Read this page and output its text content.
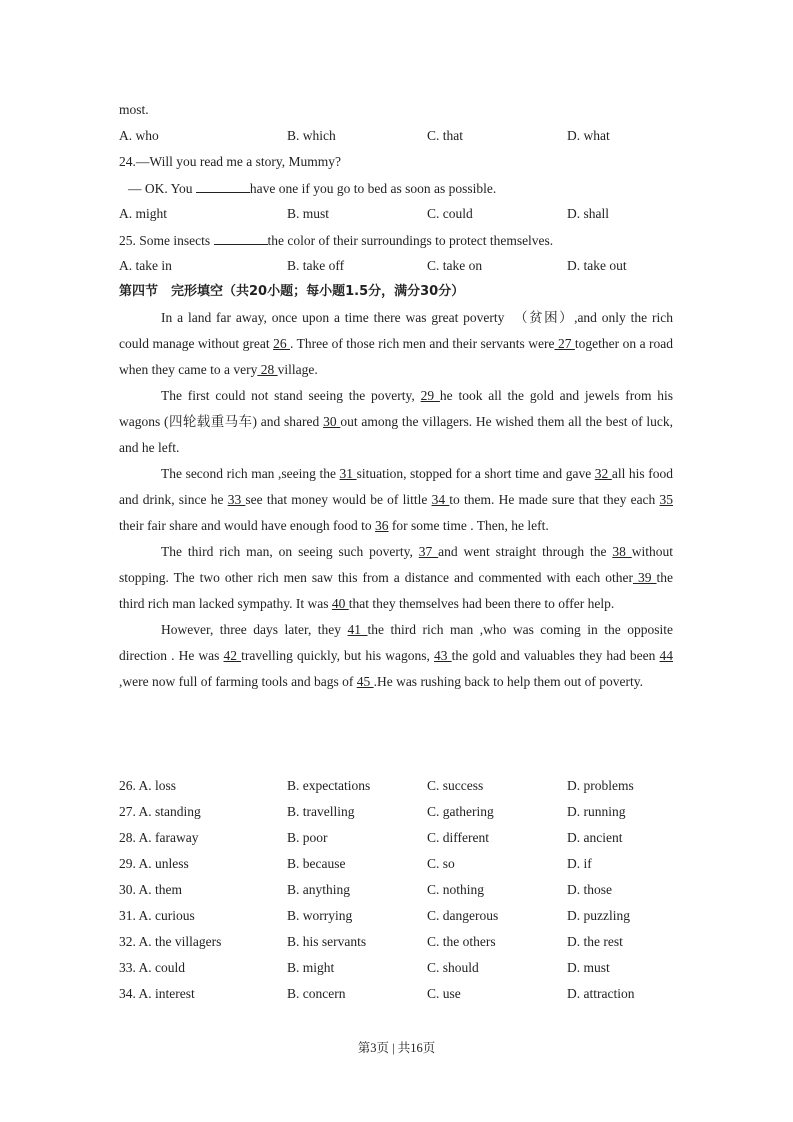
most.
A. who	B. which	C. that	D. what
24.—Will you read me a story, Mummy?
— OK. You	have one if you go to bed as soon as possible.
A. might	B. must	C. could	D. shall
25. Some insects	the color of their surroundings to protect themselves.
A. take in	B. take off	C. take on	D. take out
第四节　完形填空（共20小题；每小题1.5分，满分30分）

In a land far away, once upon a time there was great poverty　（贫困）,and only the rich could manage without great 26 . Three of those rich men and their servants were 27 together on a road when they came to a very 28 village.

The first could not stand seeing the poverty, 29 he took all the gold and jewels from his wagons (四轮载重马车) and shared 30 out among the villagers. He wished them all the best of luck, and he left.

The second rich man ,seeing the 31 situation, stopped for a short time and gave 32 all his food and drink, since he 33 see that money would be of little 34 to them. He made sure that they each 35 their fair share and would have enough food to 36 for some time . Then, he left.

The third rich man, on seeing such poverty, 37 and went straight through the 38 without stopping. The two other rich men saw this from a distance and commented with each other 39 the third rich man lacked sympathy. It was 40 that they themselves had been there to offer help.

However, three days later, they 41 the third rich man ,who was coming in the opposite direction . He was 42 travelling quickly, but his wagons, 43 the gold and valuables they had been 44 ,were now full of farming tools and bags of 45 .He was rushing back to help them out of poverty.

26. A. loss	B. expectations	C. success	D. problems
27. A. standing	B. travelling	C. gathering	D. running
28. A. faraway	B. poor	C. different	D. ancient
29. A. unless	B. because	C. so	D. if
30. A. them	B. anything	C. nothing	D. those
31. A. curious	B. worrying	C. dangerous	D. puzzling
32. A. the villagers	B. his servants	C. the others	D. the rest
33. A. could	B. might	C. should	D. must
34. A. interest	B. concern	C. use	D. attraction
第3页 | 共16页
